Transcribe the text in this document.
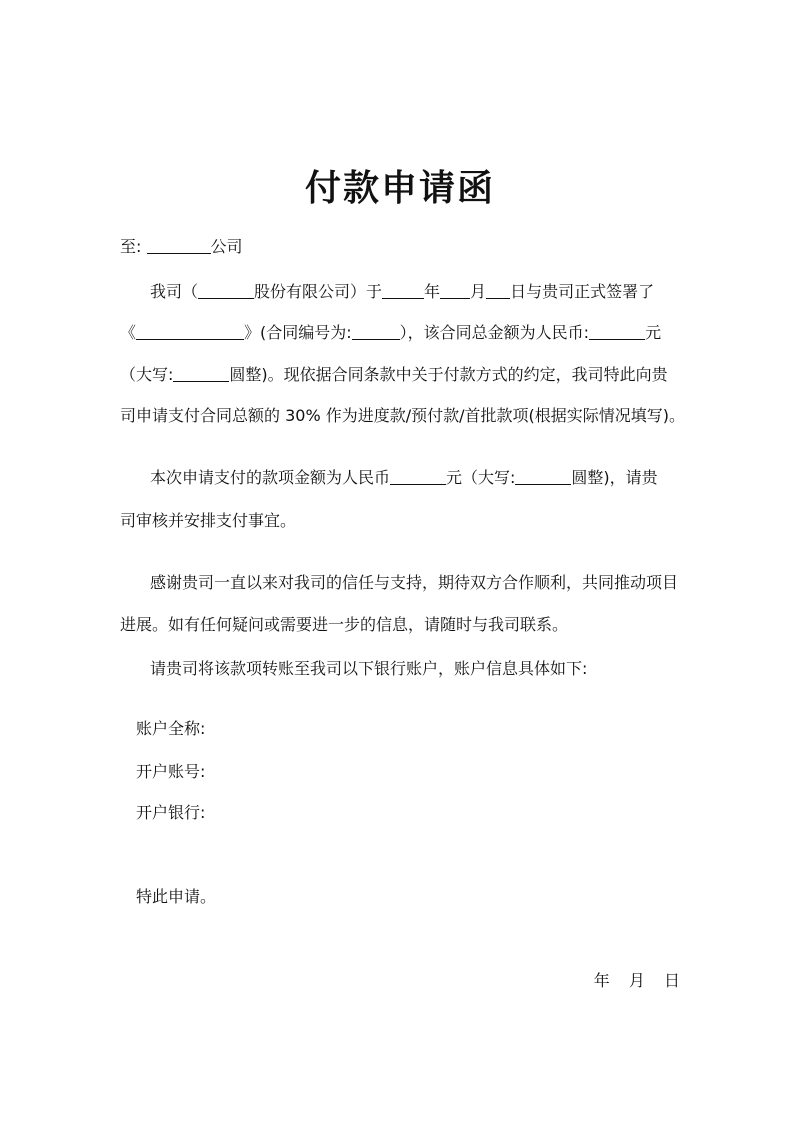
付款申请函
至:	公司
我司（	股份有限公司）于	年 月 日与贵司正式签署了
《	》(合同编号为:	），该合同总金额为人民币:	元
（大写:	圆整)。现依据合同条款中关于付款方式的约定，我司特此向贵
司申请支付合同总额的 30% 作为进度款/预付款/首批款项(根据实际情况填写)。
本次申请支付的款项金额为人民币	元（大写:	圆整)，请贵
司审核并安排支付事宜。
感谢贵司一直以来对我司的信任与支持，期待双方合作顺利，共同推动项目
进展。如有任何疑问或需要进一步的信息，请随时与我司联系。
请贵司将该款项转账至我司以下银行账户，账户信息具体如下:
账户全称:
开户账号:
开户银行:
特此申请。
年 月 日
